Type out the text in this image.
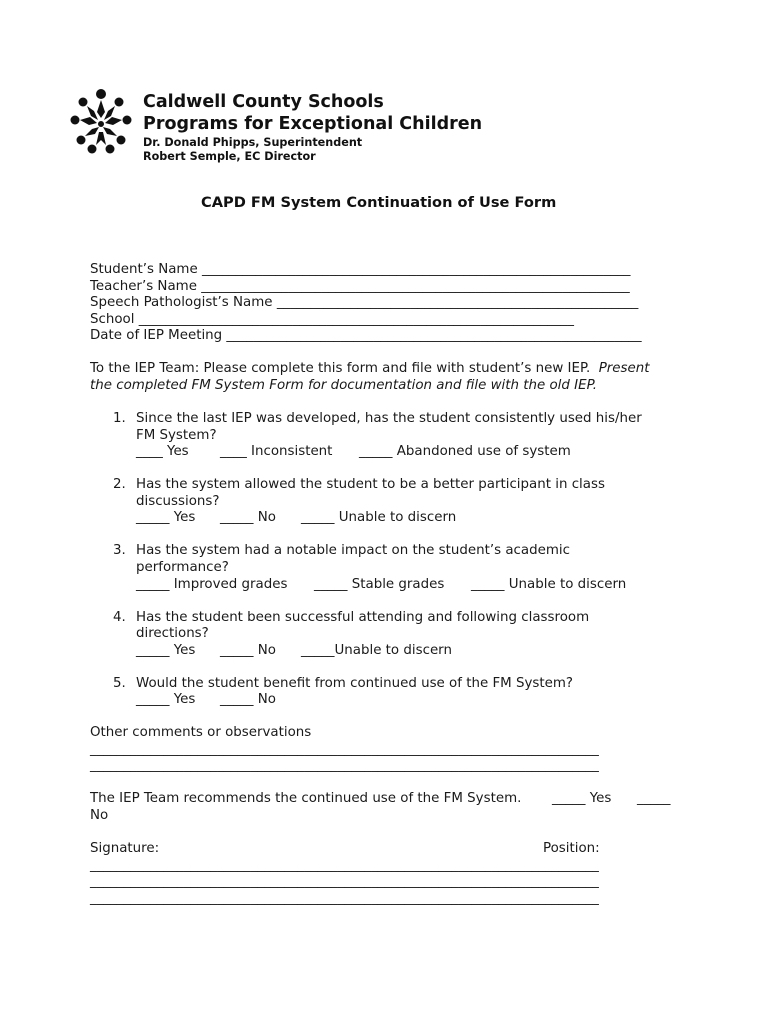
Caldwell County Schools
Programs for Exceptional Children
Dr. Donald Phipps, Superintendent
Robert Semple, EC Director
CAPD FM System Continuation of Use Form
Student’s Name ________________________________________________________________
Teacher’s Name ________________________________________________________________
Speech Pathologist’s Name ______________________________________________________
School _________________________________________________________________
Date of IEP Meeting ______________________________________________________________
To the IEP Team: Please complete this form and file with student’s new IEP. Present
the completed FM System Form for documentation and file with the old IEP.
1. Since the last IEP was developed, has the student consistently used his/her
FM System?
____ Yes ____ Inconsistent _____ Abandoned use of system
2. Has the system allowed the student to be a better participant in class
discussions?
_____ Yes _____ No _____ Unable to discern
3. Has the system had a notable impact on the student’s academic
performance?
_____ Improved grades _____ Stable grades _____ Unable to discern
4. Has the student been successful attending and following classroom
directions?
_____ Yes _____ No _____Unable to discern
5. Would the student benefit from continued use of the FM System?
_____ Yes _____ No
Other comments or observations
____________________________________________________________________________
____________________________________________________________________________
The IEP Team recommends the continued use of the FM System. _____ Yes _____
No
Signature:	Position:
____________________________________________________________________________
____________________________________________________________________________
____________________________________________________________________________
